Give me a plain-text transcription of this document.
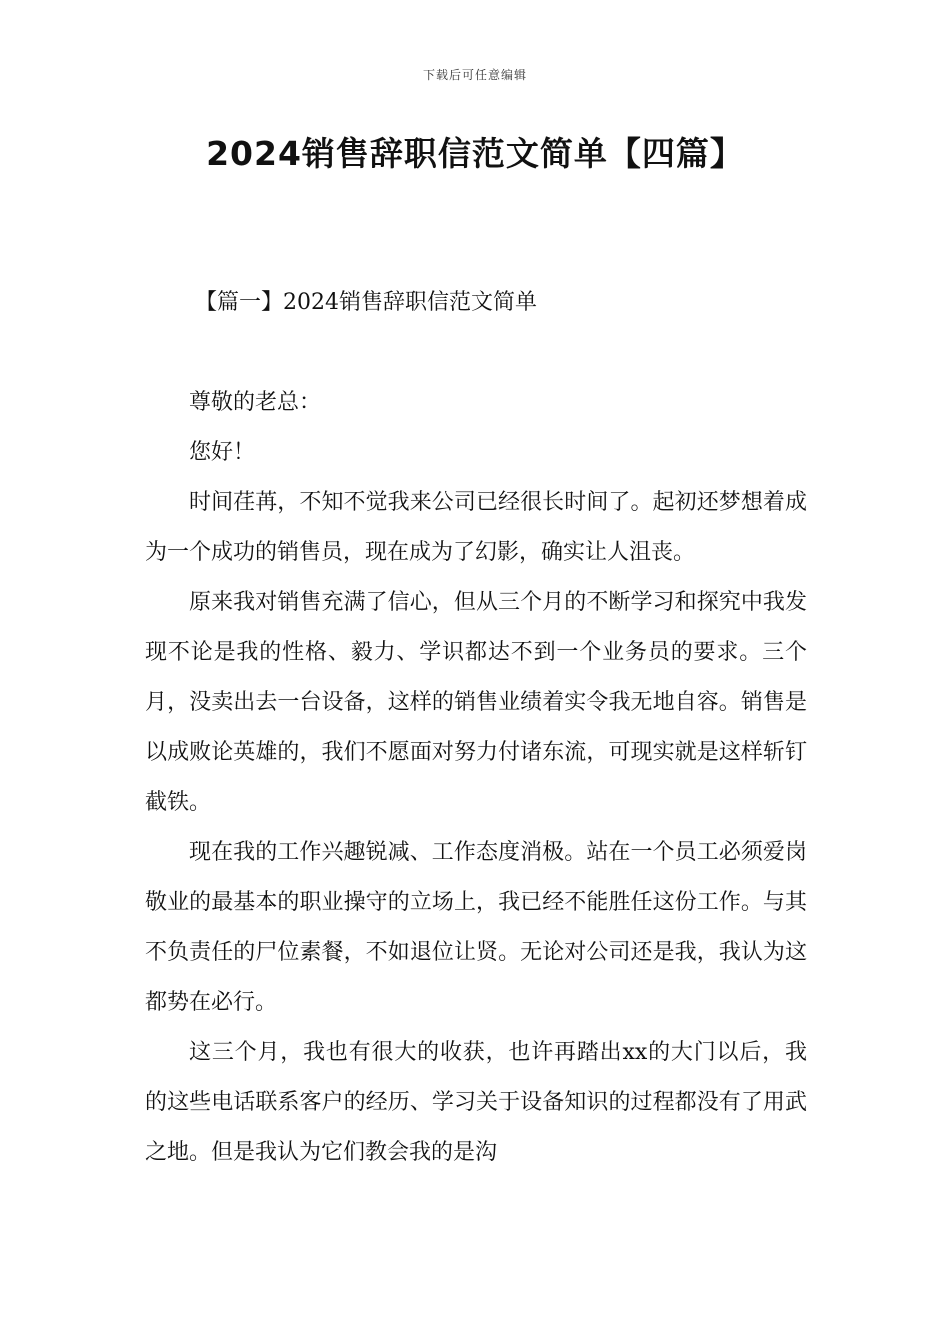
下载后可任意编辑
2024销售辞职信范文简单【四篇】
【篇一】2024销售辞职信范文简单

尊敬的老总：

您好！

时间荏苒，不知不觉我来公司已经很长时间了。起初还梦想着成为一个成功的销售员，现在成为了幻影，确实让人沮丧。

原来我对销售充满了信心，但从三个月的不断学习和探究中我发现不论是我的性格、毅力、学识都达不到一个业务员的要求。三个月，没卖出去一台设备，这样的销售业绩着实令我无地自容。销售是以成败论英雄的，我们不愿面对努力付诸东流，可现实就是这样斩钉截铁。

现在我的工作兴趣锐减、工作态度消极。站在一个员工必须爱岗敬业的最基本的职业操守的立场上，我已经不能胜任这份工作。与其不负责任的尸位素餐，不如退位让贤。无论对公司还是我，我认为这都势在必行。

这三个月，我也有很大的收获，也许再踏出xx的大门以后，我的这些电话联系客户的经历、学习关于设备知识的过程都没有了用武之地。但是我认为它们教会我的是沟
